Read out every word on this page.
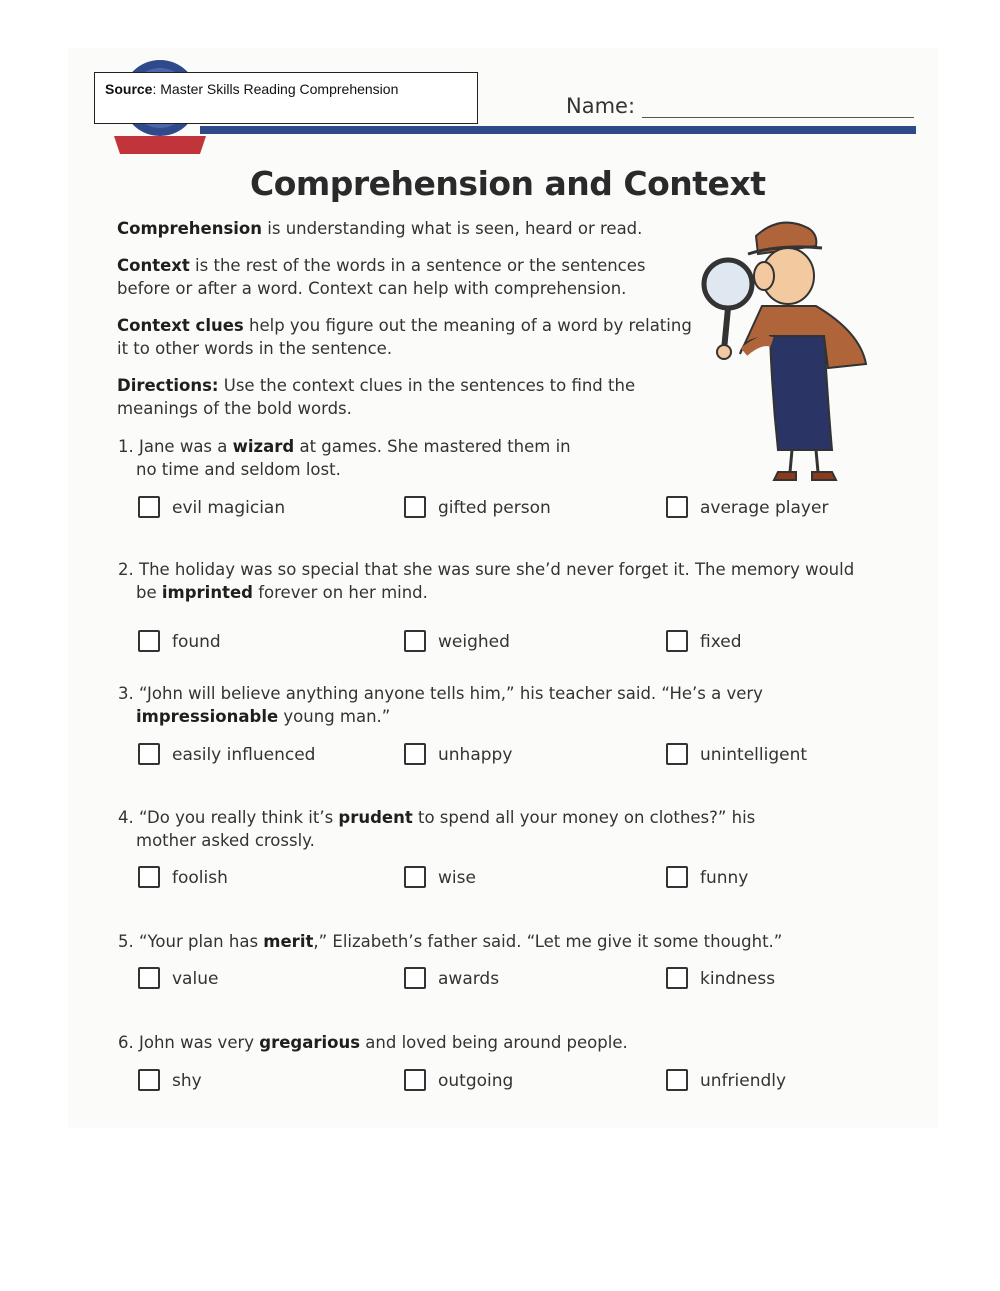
Source: Master Skills Reading Comprehension
Name:
Comprehension and Context
Comprehension is understanding what is seen, heard or read.
Context is the rest of the words in a sentence or the sentences
before or after a word. Context can help with comprehension.
Context clues help you figure out the meaning of a word by relating
it to other words in the sentence.
Directions: Use the context clues in the sentences to find the
meanings of the bold words.
1. Jane was a wizard at games. She mastered them in
no time and seldom lost.
evil magician	gifted person	average player
2. The holiday was so special that she was sure she’d never forget it. The memory would
be imprinted forever on her mind.
found	weighed	fixed
3. “John will believe anything anyone tells him,” his teacher said. “He’s a very
impressionable young man.”
easily influenced	unhappy	unintelligent
4. “Do you really think it’s prudent to spend all your money on clothes?” his
mother asked crossly.
foolish	wise	funny
5. “Your plan has merit,” Elizabeth’s father said. “Let me give it some thought.”
value	awards	kindness
6. John was very gregarious and loved being around people.
shy	outgoing	unfriendly
